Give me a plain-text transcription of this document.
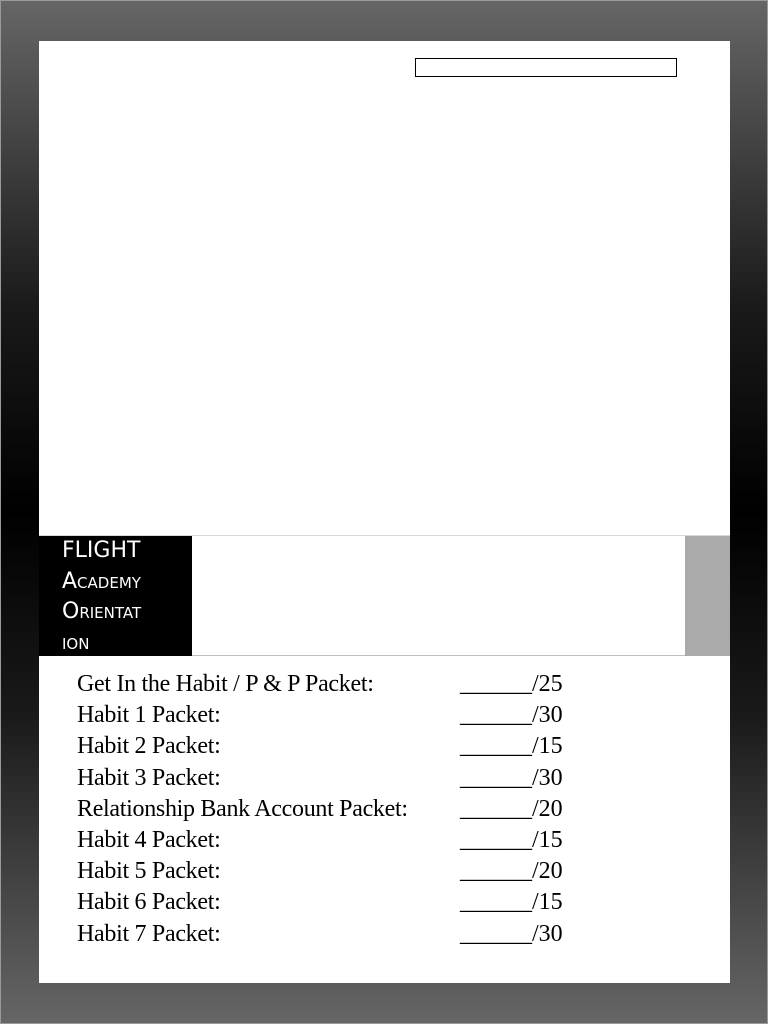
FLIGHT
Academy
Orientat
ion
Get In the Habit / P & P Packet:	______/25
Habit 1 Packet:	______/30
Habit 2 Packet:	______/15
Habit 3 Packet:	______/30
Relationship Bank Account Packet:	______/20
Habit 4 Packet:	______/15
Habit 5 Packet:	______/20
Habit 6 Packet:	______/15
Habit 7 Packet:	______/30
